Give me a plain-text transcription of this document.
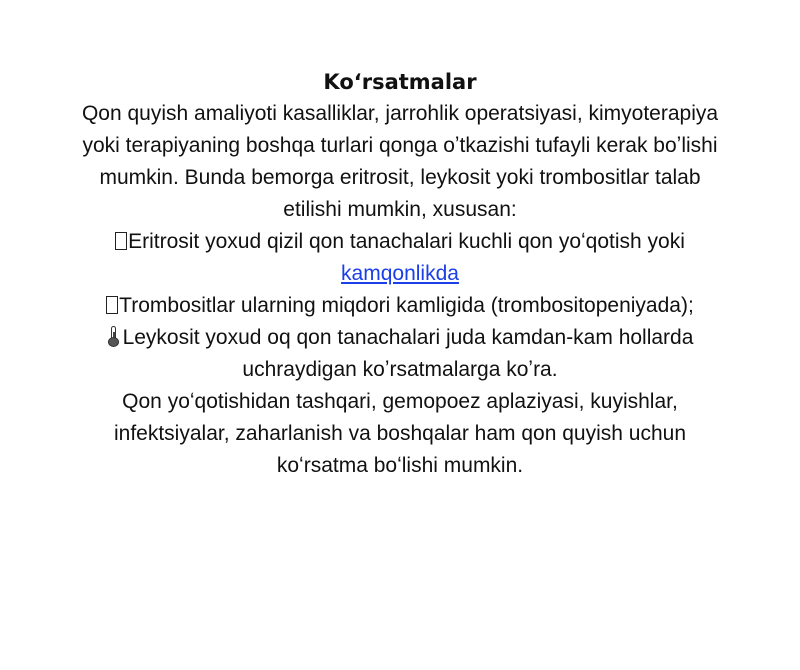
Koʻrsatmalar

Qon quyish amaliyoti kasalliklar, jarrohlik operatsiyasi, kimyoterapiya yoki terapiyaning boshqa turlari qonga oʼtkazishi tufayli kerak boʼlishi mumkin. Bunda bemorga eritrosit, leykosit yoki trombositlar talab etilishi mumkin, xususan:

Eritrosit yoxud qizil qon tanachalari kuchli qon yoʻqotish yoki kamqonlikda

Trombositlar ularning miqdori kamligida (trombositopeniyada);

Leykosit yoxud oq qon tanachalari juda kamdan-kam hollarda uchraydigan koʼrsatmalarga koʼra.

Qon yoʻqotishidan tashqari, gemopoez aplaziyasi, kuyishlar, infektsiyalar, zaharlanish va boshqalar ham qon quyish uchun koʻrsatma boʻlishi mumkin.
